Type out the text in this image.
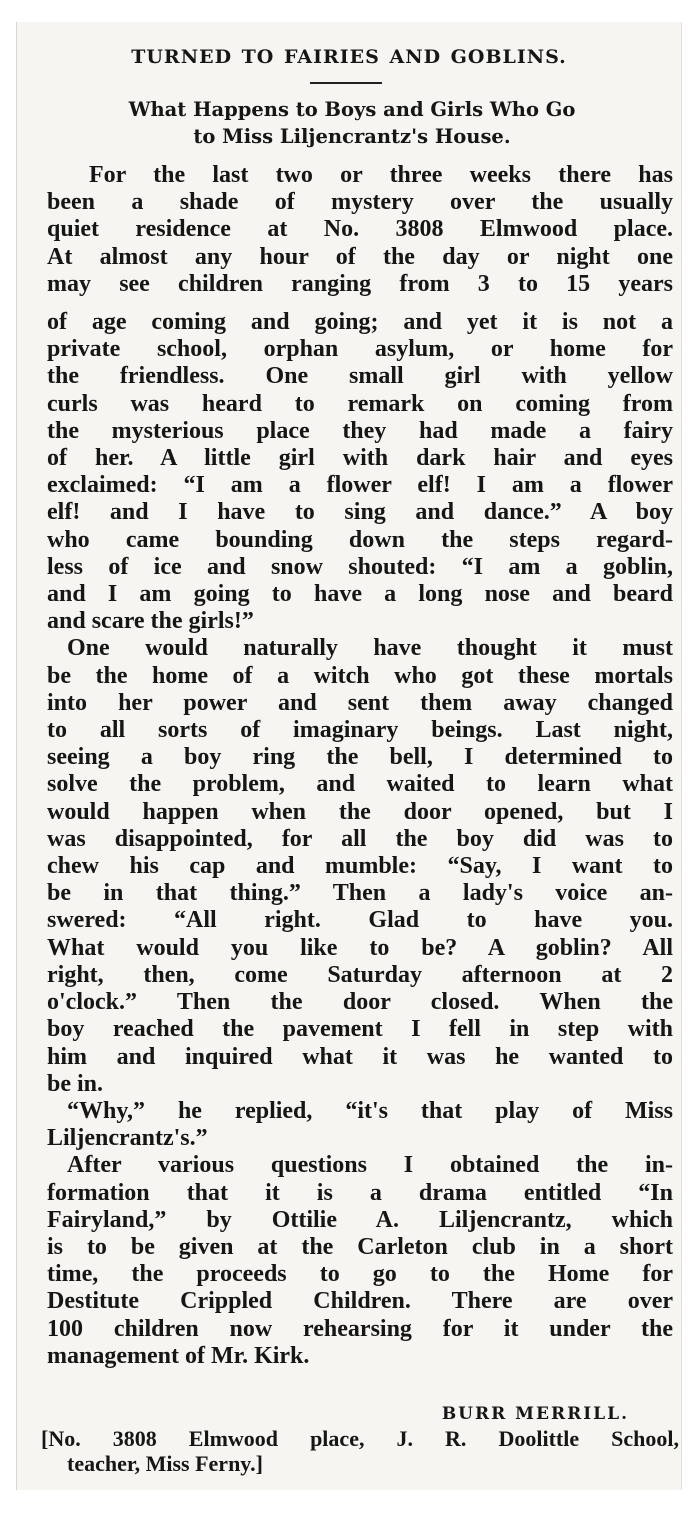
TURNED TO FAIRIES AND GOBLINS.
What Happens to Boys and Girls Who Go
to Miss Liljencrantz's House.
For the last two or three weeks there has
been a shade of mystery over the usually
quiet residence at No. 3808 Elmwood place.
At almost any hour of the day or night one
may see children ranging from 3 to 15 years
of age coming and going; and yet it is not a
private school, orphan asylum, or home for
the friendless. One small girl with yellow
curls was heard to remark on coming from
the mysterious place they had made a fairy
of her. A little girl with dark hair and eyes
exclaimed: “I am a flower elf! I am a flower
elf! and I have to sing and dance.” A boy
who came bounding down the steps regard-
less of ice and snow shouted: “I am a goblin,
and I am going to have a long nose and beard
and scare the girls!”
One would naturally have thought it must
be the home of a witch who got these mortals
into her power and sent them away changed
to all sorts of imaginary beings. Last night,
seeing a boy ring the bell, I determined to
solve the problem, and waited to learn what
would happen when the door opened, but I
was disappointed, for all the boy did was to
chew his cap and mumble: “Say, I want to
be in that thing.” Then a lady's voice an-
swered: “All right. Glad to have you.
What would you like to be? A goblin? All
right, then, come Saturday afternoon at 2
o'clock.” Then the door closed. When the
boy reached the pavement I fell in step with
him and inquired what it was he wanted to
be in.
“Why,” he replied, “it's that play of Miss
Liljencrantz's.”
After various questions I obtained the in-
formation that it is a drama entitled “In
Fairyland,” by Ottilie A. Liljencrantz, which
is to be given at the Carleton club in a short
time, the proceeds to go to the Home for
Destitute Crippled Children. There are over
100 children now rehearsing for it under the
management of Mr. Kirk.
BURR MERRILL.
[No. 3808 Elmwood place, J. R. Doolittle School,
teacher, Miss Ferny.]
